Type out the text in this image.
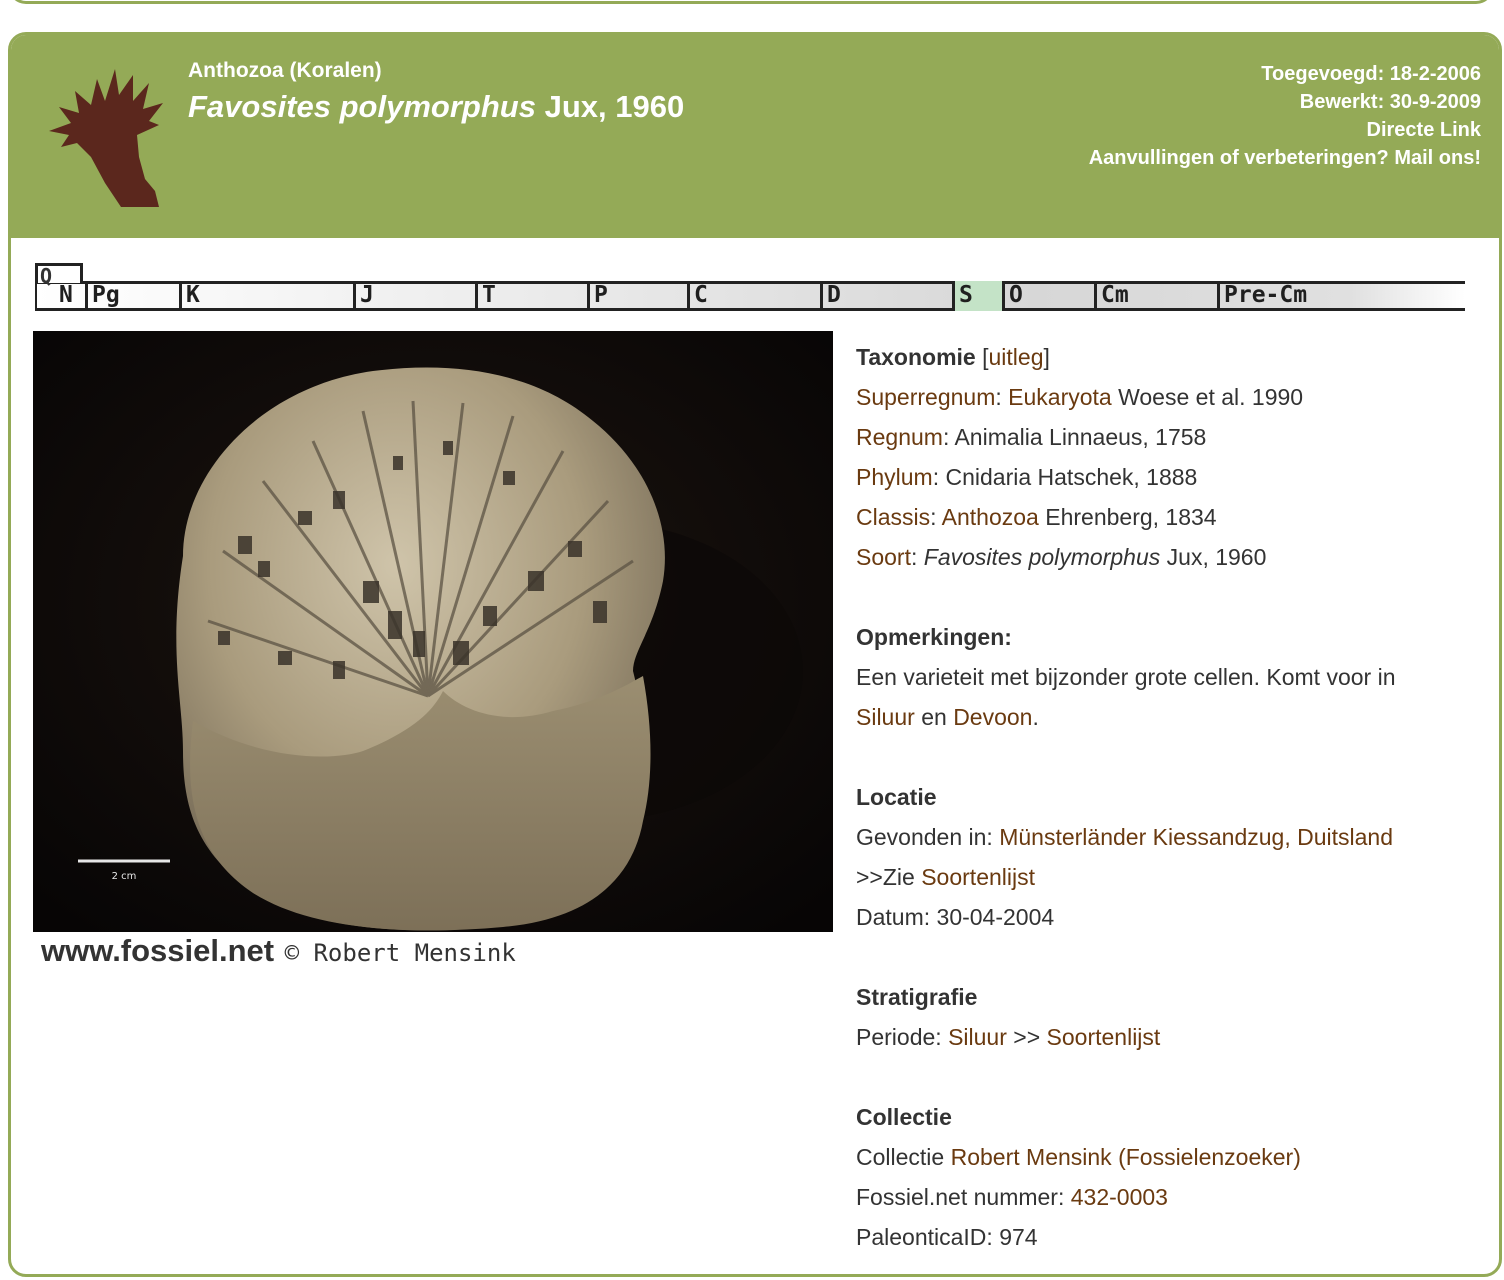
Anthozoa (Koralen)
Favosites polymorphus Jux, 1960
Toegevoegd: 18-2-2006
Bewerkt: 30-9-2009
Directe Link
Aanvullingen of verbeteringen? Mail ons!
Q
N Pg	K	J	T	P	C	D	S	O	Cm	Pre-Cm
2 cm
www.fossiel.net © Robert Mensink

Taxonomie [uitleg]

Superregnum: Eukaryota Woese et al. 1990

Regnum: Animalia Linnaeus, 1758

Phylum: Cnidaria Hatschek, 1888

Classis: Anthozoa Ehrenberg, 1834

Soort: Favosites polymorphus Jux, 1960

Opmerkingen:

Een varieteit met bijzonder grote cellen. Komt voor in
Siluur en Devoon.

Locatie

Gevonden in: Münsterländer Kiessandzug, Duitsland

>>Zie Soortenlijst

Datum: 30-04-2004

Stratigrafie

Periode: Siluur >> Soortenlijst

Collectie

Collectie Robert Mensink (Fossielenzoeker)

Fossiel.net nummer: 432-0003

PaleonticaID: 974
